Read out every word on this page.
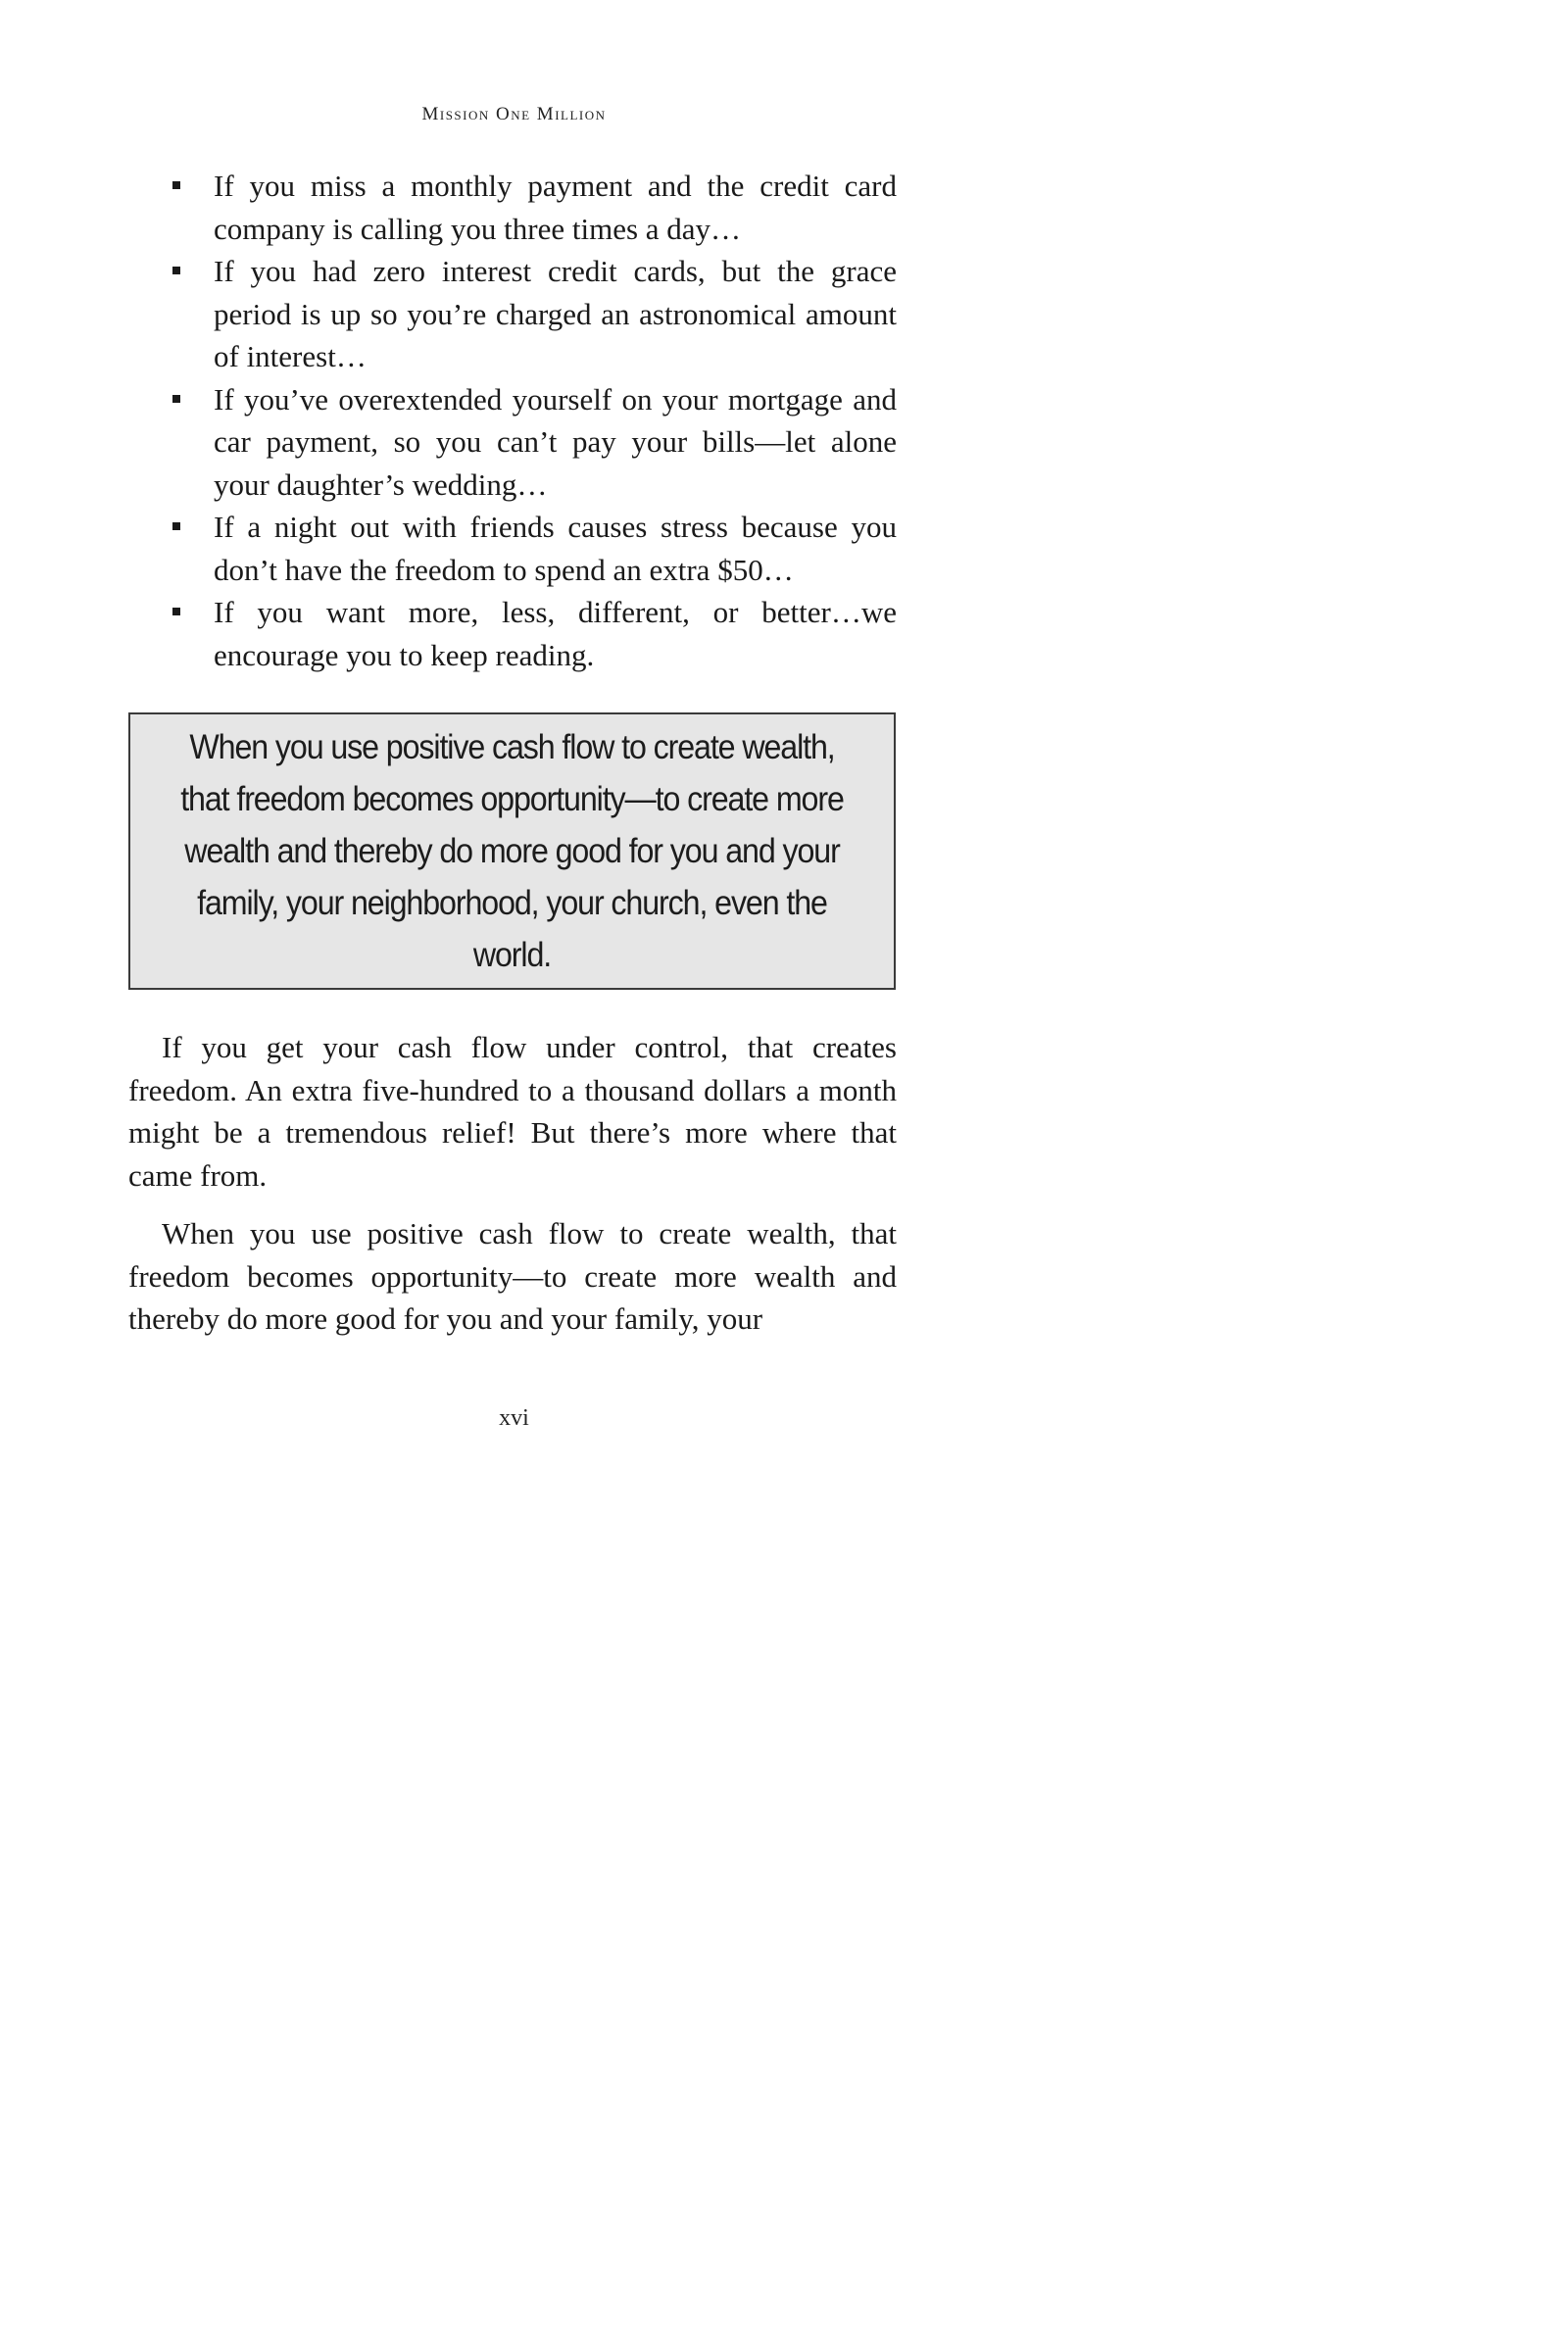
Mission One Million
If you miss a monthly payment and the credit card company is calling you three times a day…
If you had zero interest credit cards, but the grace period is up so you’re charged an astronomical amount of interest…
If you’ve overextended yourself on your mortgage and car payment, so you can’t pay your bills—let alone your daughter’s wedding…
If a night out with friends causes stress because you don’t have the freedom to spend an extra $50…
If you want more, less, different, or better…we encourage you to keep reading.

When you use positive cash flow to create wealth, that freedom becomes opportunity—to create more wealth and thereby do more good for you and your family, your neighborhood, your church, even the world.

If you get your cash flow under control, that creates freedom. An extra five-hundred to a thousand dollars a month might be a tremendous relief! But there’s more where that came from.

When you use positive cash flow to create wealth, that freedom becomes opportunity—to create more wealth and thereby do more good for you and your family, your

xvi
